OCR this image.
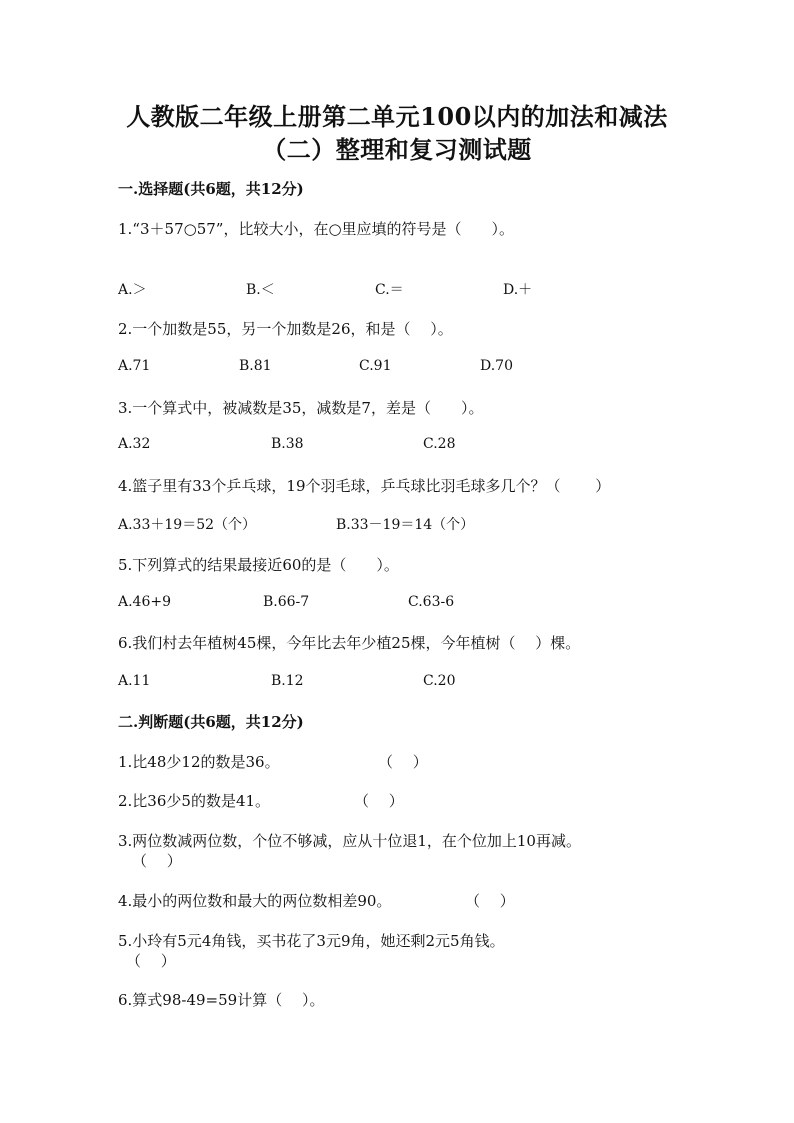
人教版二年级上册第二单元100以内的加法和减法
（二）整理和复习测试题
一.选择题(共6题，共12分)
1.“3＋57○57”，比较大小，在○里应填的符号是（　　）。
A.＞	B.＜	C.＝	D.＋
2.一个加数是55，另一个加数是26，和是（　 ）。
A.71	B.81	C.91	D.70
3.一个算式中，被减数是35，减数是7，差是（　　）。
A.32	B.38	C.28
4.篮子里有33个乒乓球，19个羽毛球，乒乓球比羽毛球多几个？（　　 ）
A.33＋19＝52（个）	B.33－19＝14（个）
5.下列算式的结果最接近60的是（　　）。
A.46+9	B.66-7	C.63-6
6.我们村去年植树45棵，今年比去年少植25棵，今年植树（　 ）棵。
A.11	B.12	C.20
二.判断题(共6题，共12分)
1.比48少12的数是36。	（　 ）
2.比36少5的数是41。	（　 ）
3.两位数减两位数，个位不够减，应从十位退1，在个位加上10再减。
（　 ）
4.最小的两位数和最大的两位数相差90。	（　 ）
5.小玲有5元4角钱，买书花了3元9角，她还剩2元5角钱。
（　 ）
6.算式98-49=59计算（　 ）。
